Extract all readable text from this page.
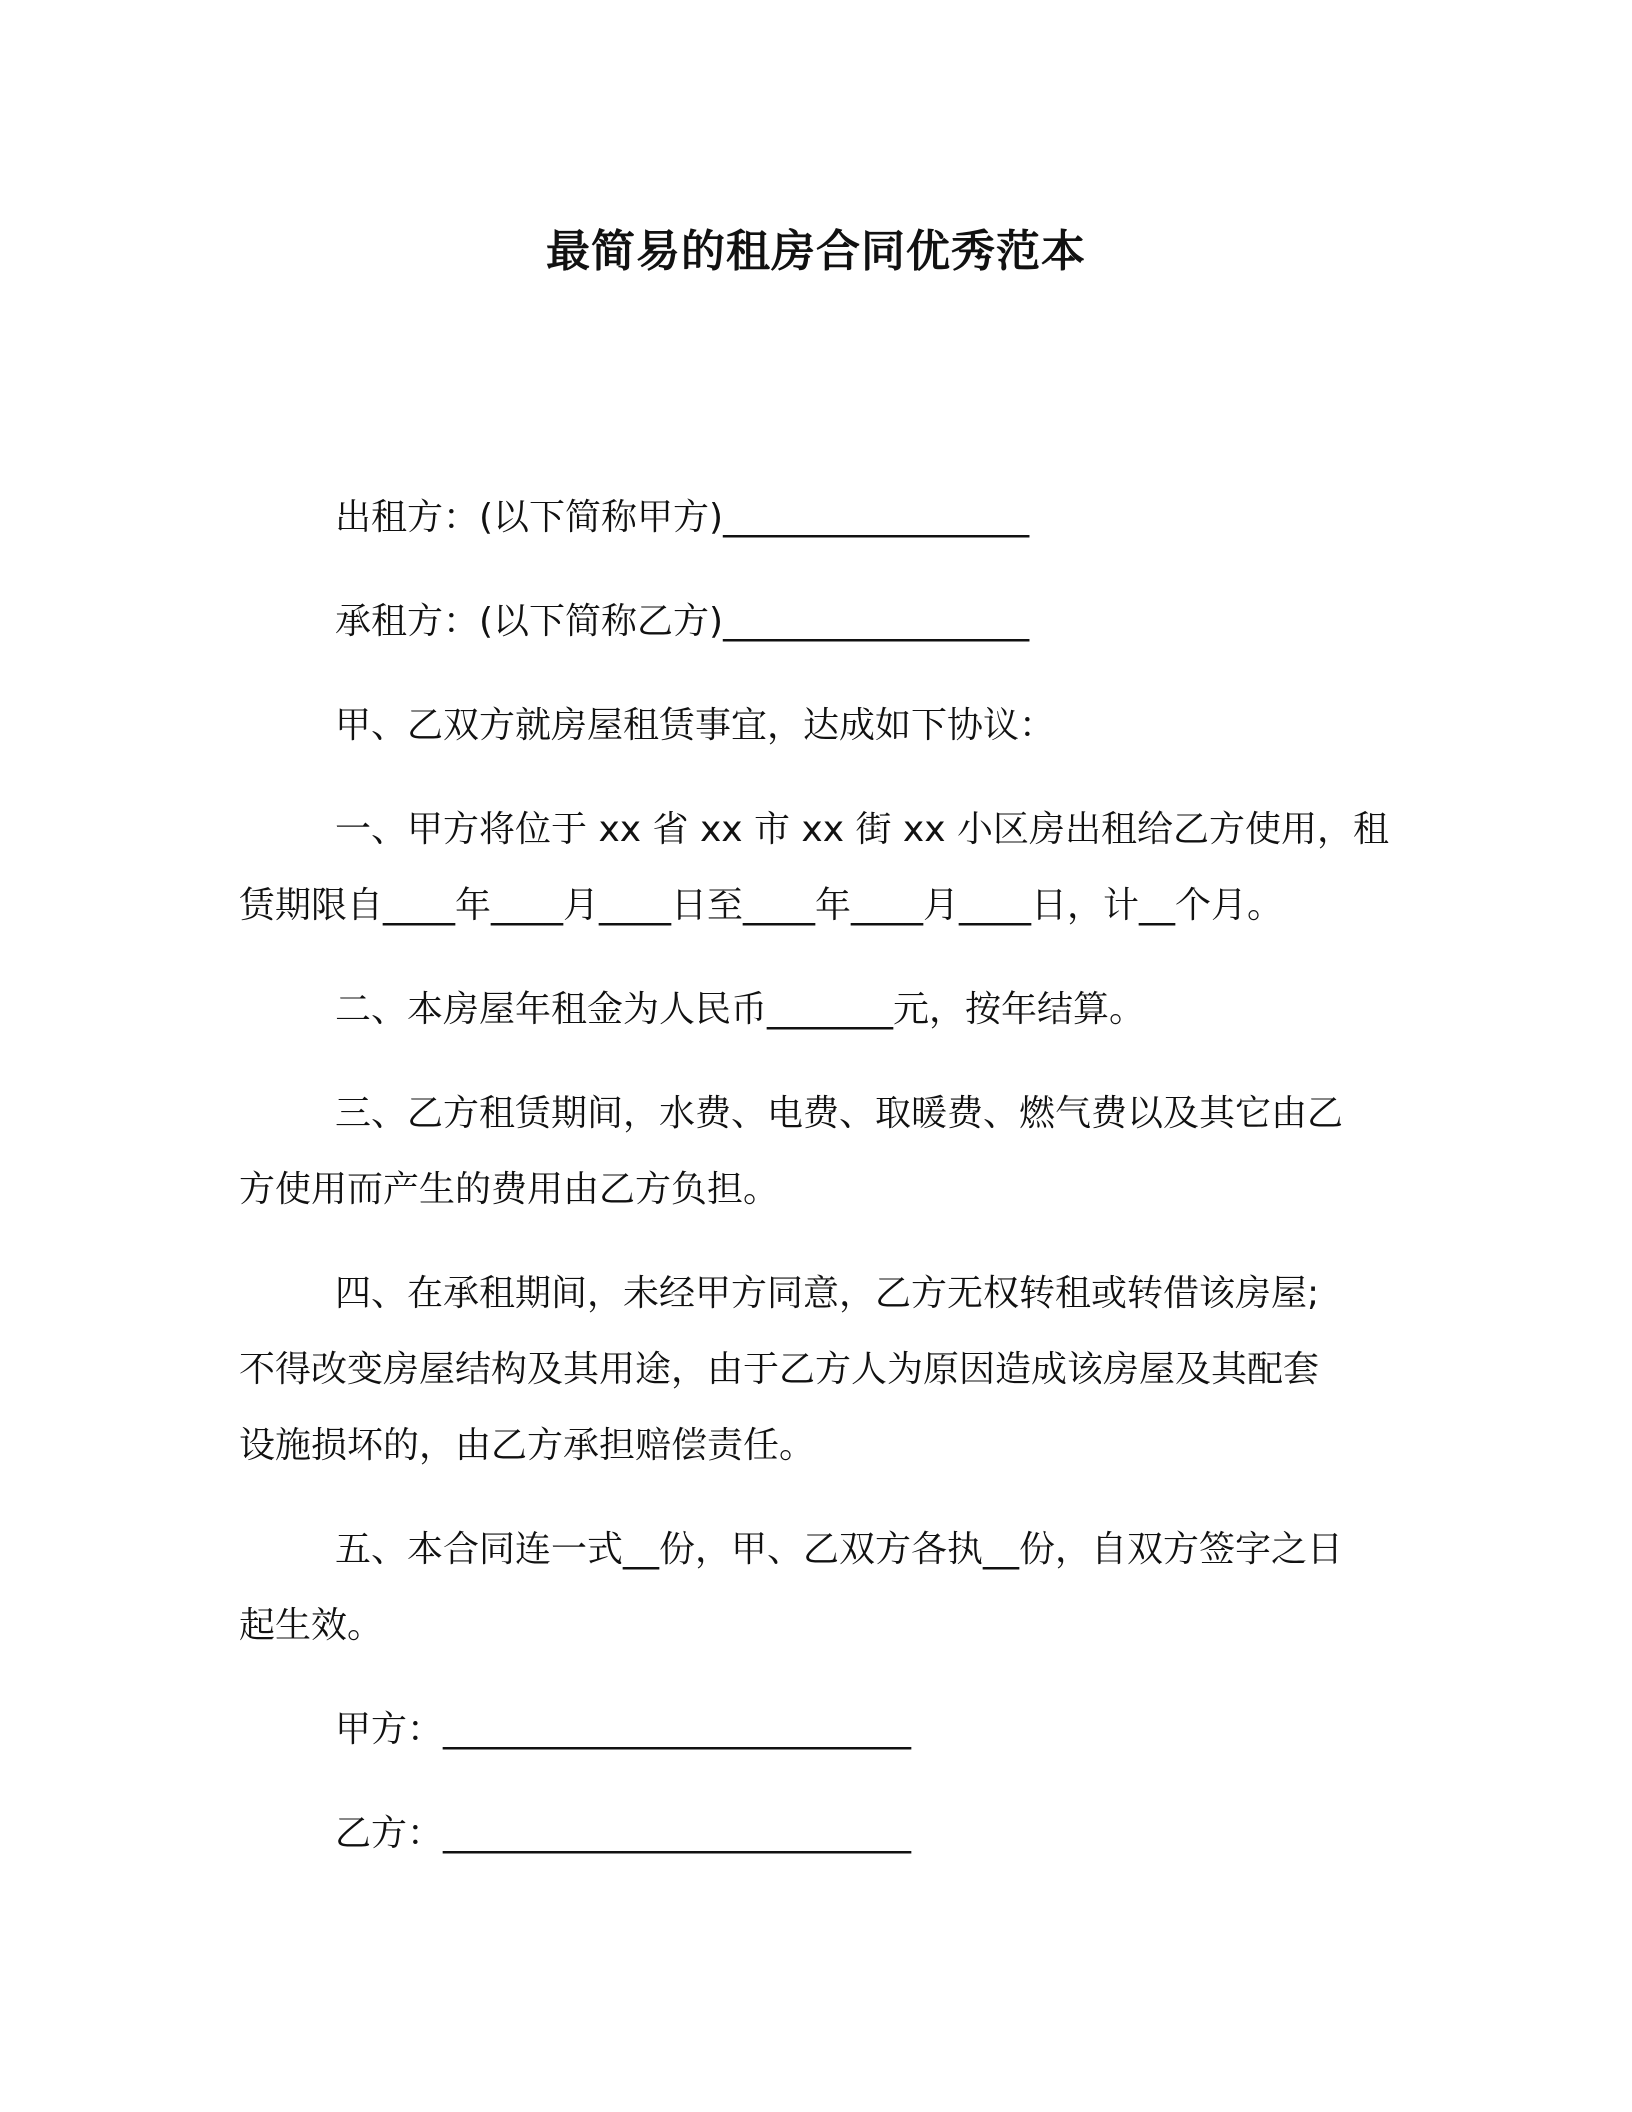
最简易的租房合同优秀范本
出租方：(以下简称甲方)_________________
承租方：(以下简称乙方)_________________
甲、乙双方就房屋租赁事宜，达成如下协议：
一、甲方将位于 xx 省 xx 市 xx 街 xx 小区房出租给乙方使用，租
赁期限自____年____月____日至____年____月____日，计__个月。
二、本房屋年租金为人民币_______元，按年结算。
三、乙方租赁期间，水费、电费、取暖费、燃气费以及其它由乙
方使用而产生的费用由乙方负担。
四、在承租期间，未经甲方同意，乙方无权转租或转借该房屋;
不得改变房屋结构及其用途，由于乙方人为原因造成该房屋及其配套
设施损坏的，由乙方承担赔偿责任。
五、本合同连一式__份，甲、乙双方各执__份，自双方签字之日
起生效。
甲方：__________________________
乙方：__________________________
